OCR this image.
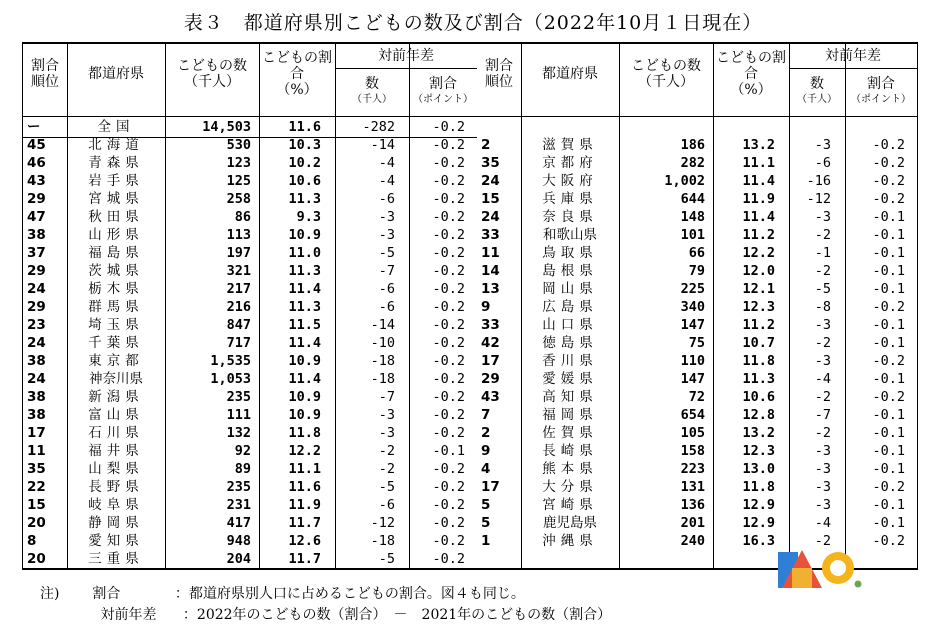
表３　都道府県別こどもの数及び割合（2022年10月１日現在）
割合順位	都道府県	こどもの数
（千人）
こどもの割合
（%）
対前年差
数
（千人）
割合
（ポイント）
ー	全国	14,503	11.6	-282	-0.2
45	北海道	530	10.3	-14	-0.2
46	青森県	123	10.2	-4	-0.2
43	岩手県	125	10.6	-4	-0.2
29	宮城県	258	11.3	-6	-0.2
47	秋田県	86	9.3	-3	-0.2
38	山形県	113	10.9	-3	-0.2
37	福島県	197	11.0	-5	-0.2
29	茨城県	321	11.3	-7	-0.2
24	栃木県	217	11.4	-6	-0.2
29	群馬県	216	11.3	-6	-0.2
23	埼玉県	847	11.5	-14	-0.2
24	千葉県	717	11.4	-10	-0.2
38	東京都	1,535	10.9	-18	-0.2
24	神奈川県	1,053	11.4	-18	-0.2
38	新潟県	235	10.9	-7	-0.2
38	富山県	111	10.9	-3	-0.2
17	石川県	132	11.8	-3	-0.2
11	福井県	92	12.2	-2	-0.1
35	山梨県	89	11.1	-2	-0.2
22	長野県	235	11.6	-5	-0.2
15	岐阜県	231	11.9	-6	-0.2
20	静岡県	417	11.7	-12	-0.2
8	愛知県	948	12.6	-18	-0.2
20	三重県	204	11.7	-5	-0.2
割合順位	都道府県	こどもの数
（千人）
こどもの割合
（%）
対前年差
数
（千人）
割合
（ポイント）
2	滋賀県	186	13.2	-3	-0.2
35	京都府	282	11.1	-6	-0.2
24	大阪府	1,002	11.4	-16	-0.2
15	兵庫県	644	11.9	-12	-0.2
24	奈良県	148	11.4	-3	-0.1
33	和歌山県	101	11.2	-2	-0.1
11	鳥取県	66	12.2	-1	-0.1
14	島根県	79	12.0	-2	-0.1
13	岡山県	225	12.1	-5	-0.1
9	広島県	340	12.3	-8	-0.2
33	山口県	147	11.2	-3	-0.1
42	徳島県	75	10.7	-2	-0.1
17	香川県	110	11.8	-3	-0.2
29	愛媛県	147	11.3	-4	-0.1
43	高知県	72	10.6	-2	-0.2
7	福岡県	654	12.8	-7	-0.1
2	佐賀県	105	13.2	-2	-0.1
9	長崎県	158	12.3	-3	-0.1
4	熊本県	223	13.0	-3	-0.1
17	大分県	131	11.8	-3	-0.2
5	宮崎県	136	12.9	-3	-0.1
5	鹿児島県	201	12.9	-4	-0.1
1	沖縄県	240	16.3	-2	-0.2
注) 割合	：都道府県別人口に占めるこどもの割合。図４も同じ。
対前年差 ：2022年のこどもの数（割合）　－　2021年のこどもの数（割合）
